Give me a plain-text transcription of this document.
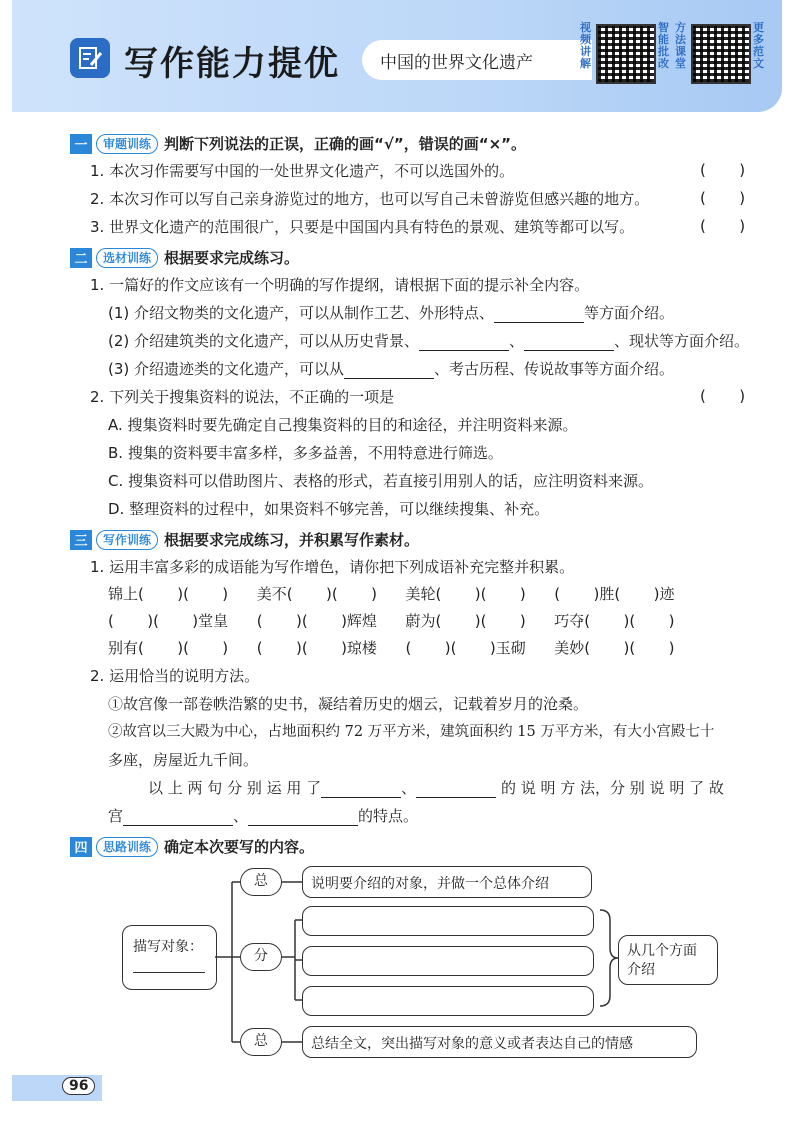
写作能力提优	中国的世界文化遗产
视频讲解
智能批改
方法课堂
更多范文
一	审题训练 判断下列说法的正误，正确的画“√”，错误的画“×”。
1. 本次习作需要写中国的一处世界文化遗产，不可以选国外的。	(       )
2. 本次习作可以写自己亲身游览过的地方，也可以写自己未曾游览但感兴趣的地方。	(       )
3. 世界文化遗产的范围很广，只要是中国国内具有特色的景观、建筑等都可以写。	(       )
二	选材训练 根据要求完成练习。
1. 一篇好的作文应该有一个明确的写作提纲，请根据下面的提示补全内容。
(1) 介绍文物类的文化遗产，可以从制作工艺、外形特点、	等方面介绍。
(2) 介绍建筑类的文化遗产，可以从历史背景、	、	、现状等方面介绍。
(3) 介绍遗迹类的文化遗产，可以从	、考古历程、传说故事等方面介绍。
2. 下列关于搜集资料的说法，不正确的一项是	(       )
A. 搜集资料时要先确定自己搜集资料的目的和途径，并注明资料来源。
B. 搜集的资料要丰富多样，多多益善，不用特意进行筛选。
C. 搜集资料可以借助图片、表格的形式，若直接引用别人的话，应注明资料来源。
D. 整理资料的过程中，如果资料不够完善，可以继续搜集、补充。
三	写作训练 根据要求完成练习，并积累写作素材。
1. 运用丰富多彩的成语能为写作增色，请你把下列成语补充完整并积累。
锦上(       )(       )      美不(       )(       )      美轮(       )(       )      (       )胜(       )迹
(       )(       )堂皇      (       )(       )辉煌      蔚为(       )(       )      巧夺(       )(       )
别有(       )(       )      (       )(       )琼楼      (       )(       )玉砌      美妙(       )(       )
2. 运用恰当的说明方法。
①故宫像一部卷帙浩繁的史书，凝结着历史的烟云，记载着岁月的沧桑。
②故宫以三大殿为中心，占地面积约 72 万平方米，建筑面积约 15 万平方米，有大小宫殿七十
多座，房屋近九千间。
以 上 两 句 分 别 运 用 了	、	的 说 明 方 法，分 别 说 明 了 故
宫	、	的特点。
四	思路训练 确定本次要写的内容。
描写对象：
总
分
总
说明要介绍的对象，并做一个总体介绍
从几个方面介绍
总结全文，突出描写对象的意义或者表达自己的情感
96
